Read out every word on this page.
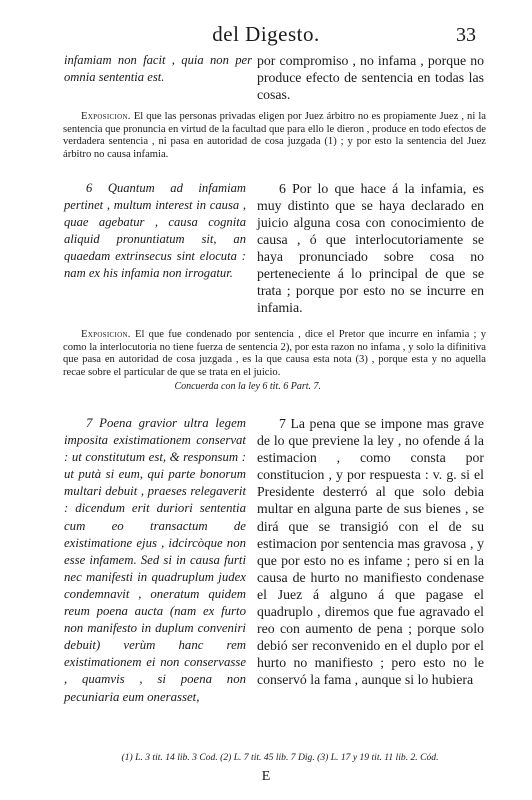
del Digesto.	33

infamiam non facit , quia non per omnia sententia est.

por compromiso , no infama , porque no produce efecto de sentencia en todas las cosas.

Exposicion. El que las personas privadas eligen por Juez árbitro no es propiamente Juez , ni la sentencia que pronuncia en virtud de la facultad que para ello le dieron , produce en todo efectos de verdadera sentencia , ni pasa en autoridad de cosa juzgada (1) ; y por esto la sentencia del Juez árbitro no causa infamia.

6 Quantum ad infamiam pertinet , multum interest in causa , quae agebatur , causa cognita aliquid pronuntiatum sit, an quaedam extrinsecus sint elocuta : nam ex his infamia non irrogatur.

6 Por lo que hace á la infamia, es muy distinto que se haya declarado en juicio alguna cosa con conocimiento de causa , ó que interlocutoriamente se haya pronunciado sobre cosa no perteneciente á lo principal de que se trata ; porque por esto no se incurre en infamia.

Exposicion. El que fue condenado por sentencia , dice el Pretor que incurre en infamia ; y como la interlocutoria no tiene fuerza de sentencia 2), por esta razon no infama , y solo la difinitiva que pasa en autoridad de cosa juzgada , es la que causa esta nota (3) , porque esta y no aquella recae sobre el particular de que se trata en el juicio.

Concuerda con la ley 6 tit. 6 Part. 7.

7 Poena gravior ultra legem imposita existimationem conservat : ut constitutum est, & responsum : ut putà si eum, qui parte bonorum multari debuit , praeses relegaverit : dicendum erit duriori sententia cum eo transactum de existimatione ejus , idcircòque non esse infamem. Sed si in causa furti nec manifesti in quadruplum judex condemnavit , oneratum quidem reum poena aucta (nam ex furto non manifesto in duplum conveniri debuit) verùm hanc rem existimationem ei non conservasse , quamvis , si poena non pecuniaria eum onerasset,

7 La pena que se impone mas grave de lo que previene la ley , no ofende á la estimacion , como consta por constitucion , y por respuesta : v. g. si el Presidente desterró al que solo debia multar en alguna parte de sus bienes , se dirá que se transigió con el de su estimacion por sentencia mas gravosa , y que por esto no es infame ; pero si en la causa de hurto no manifiesto condenase el Juez á alguno á que pagase el quadruplo , diremos que fue agravado el reo con aumento de pena ; porque solo debió ser reconvenido en el duplo por el hurto no manifiesto ; pero esto no le conservó la fama , aunque si lo hubiera

(1) L. 3 tit. 14 lib. 3 Cod. (2) L. 7 tit. 45 lib. 7 Dig. (3) L. 17 y 19 tit. 11 lib. 2. Cód.
E
